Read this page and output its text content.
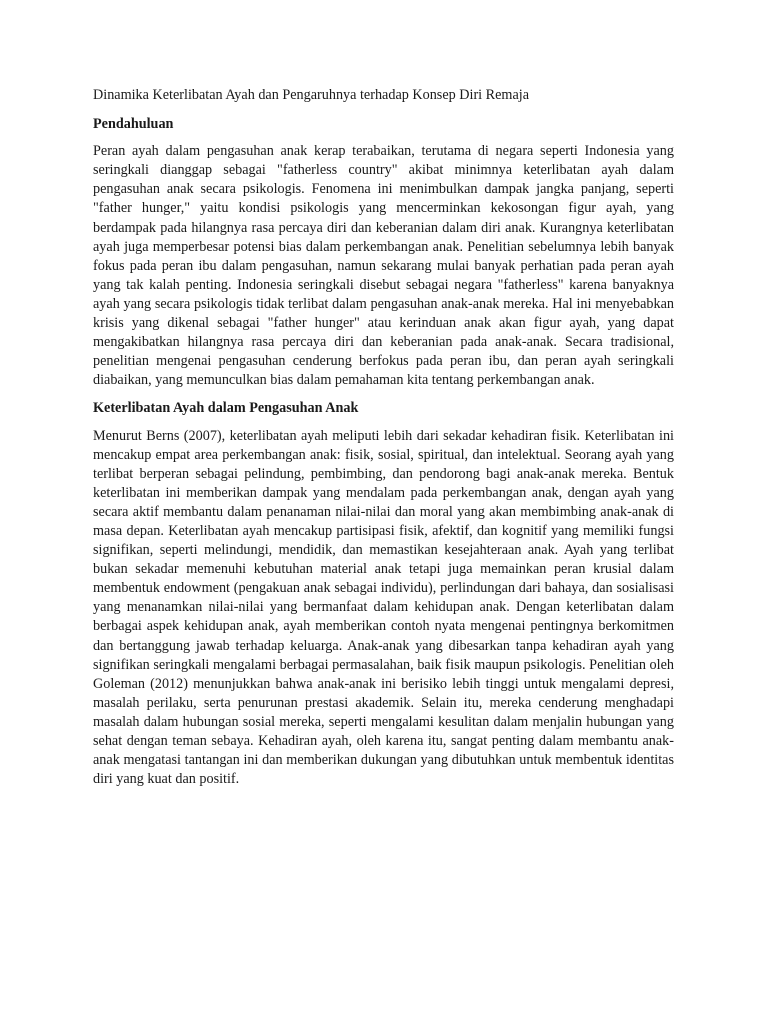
Dinamika Keterlibatan Ayah dan Pengaruhnya terhadap Konsep Diri Remaja

Pendahuluan

Peran ayah dalam pengasuhan anak kerap terabaikan, terutama di negara seperti Indonesia yang seringkali dianggap sebagai "fatherless country" akibat minimnya keterlibatan ayah dalam pengasuhan anak secara psikologis. Fenomena ini menimbulkan dampak jangka panjang, seperti "father hunger," yaitu kondisi psikologis yang mencerminkan kekosongan figur ayah, yang berdampak pada hilangnya rasa percaya diri dan keberanian dalam diri anak. Kurangnya keterlibatan ayah juga memperbesar potensi bias dalam perkembangan anak. Penelitian sebelumnya lebih banyak fokus pada peran ibu dalam pengasuhan, namun sekarang mulai banyak perhatian pada peran ayah yang tak kalah penting. Indonesia seringkali disebut sebagai negara "fatherless" karena banyaknya ayah yang secara psikologis tidak terlibat dalam pengasuhan anak-anak mereka. Hal ini menyebabkan krisis yang dikenal sebagai "father hunger" atau kerinduan anak akan figur ayah, yang dapat mengakibatkan hilangnya rasa percaya diri dan keberanian pada anak-anak. Secara tradisional, penelitian mengenai pengasuhan cenderung berfokus pada peran ibu, dan peran ayah seringkali diabaikan, yang memunculkan bias dalam pemahaman kita tentang perkembangan anak.

Keterlibatan Ayah dalam Pengasuhan Anak

Menurut Berns (2007), keterlibatan ayah meliputi lebih dari sekadar kehadiran fisik. Keterlibatan ini mencakup empat area perkembangan anak: fisik, sosial, spiritual, dan intelektual. Seorang ayah yang terlibat berperan sebagai pelindung, pembimbing, dan pendorong bagi anak-anak mereka. Bentuk keterlibatan ini memberikan dampak yang mendalam pada perkembangan anak, dengan ayah yang secara aktif membantu dalam penanaman nilai-nilai dan moral yang akan membimbing anak-anak di masa depan. Keterlibatan ayah mencakup partisipasi fisik, afektif, dan kognitif yang memiliki fungsi signifikan, seperti melindungi, mendidik, dan memastikan kesejahteraan anak. Ayah yang terlibat bukan sekadar memenuhi kebutuhan material anak tetapi juga memainkan peran krusial dalam membentuk endowment (pengakuan anak sebagai individu), perlindungan dari bahaya, dan sosialisasi yang menanamkan nilai-nilai yang bermanfaat dalam kehidupan anak. Dengan keterlibatan dalam berbagai aspek kehidupan anak, ayah memberikan contoh nyata mengenai pentingnya berkomitmen dan bertanggung jawab terhadap keluarga. Anak-anak yang dibesarkan tanpa kehadiran ayah yang signifikan seringkali mengalami berbagai permasalahan, baik fisik maupun psikologis. Penelitian oleh Goleman (2012) menunjukkan bahwa anak-anak ini berisiko lebih tinggi untuk mengalami depresi, masalah perilaku, serta penurunan prestasi akademik. Selain itu, mereka cenderung menghadapi masalah dalam hubungan sosial mereka, seperti mengalami kesulitan dalam menjalin hubungan yang sehat dengan teman sebaya. Kehadiran ayah, oleh karena itu, sangat penting dalam membantu anak-anak mengatasi tantangan ini dan memberikan dukungan yang dibutuhkan untuk membentuk identitas diri yang kuat dan positif.
